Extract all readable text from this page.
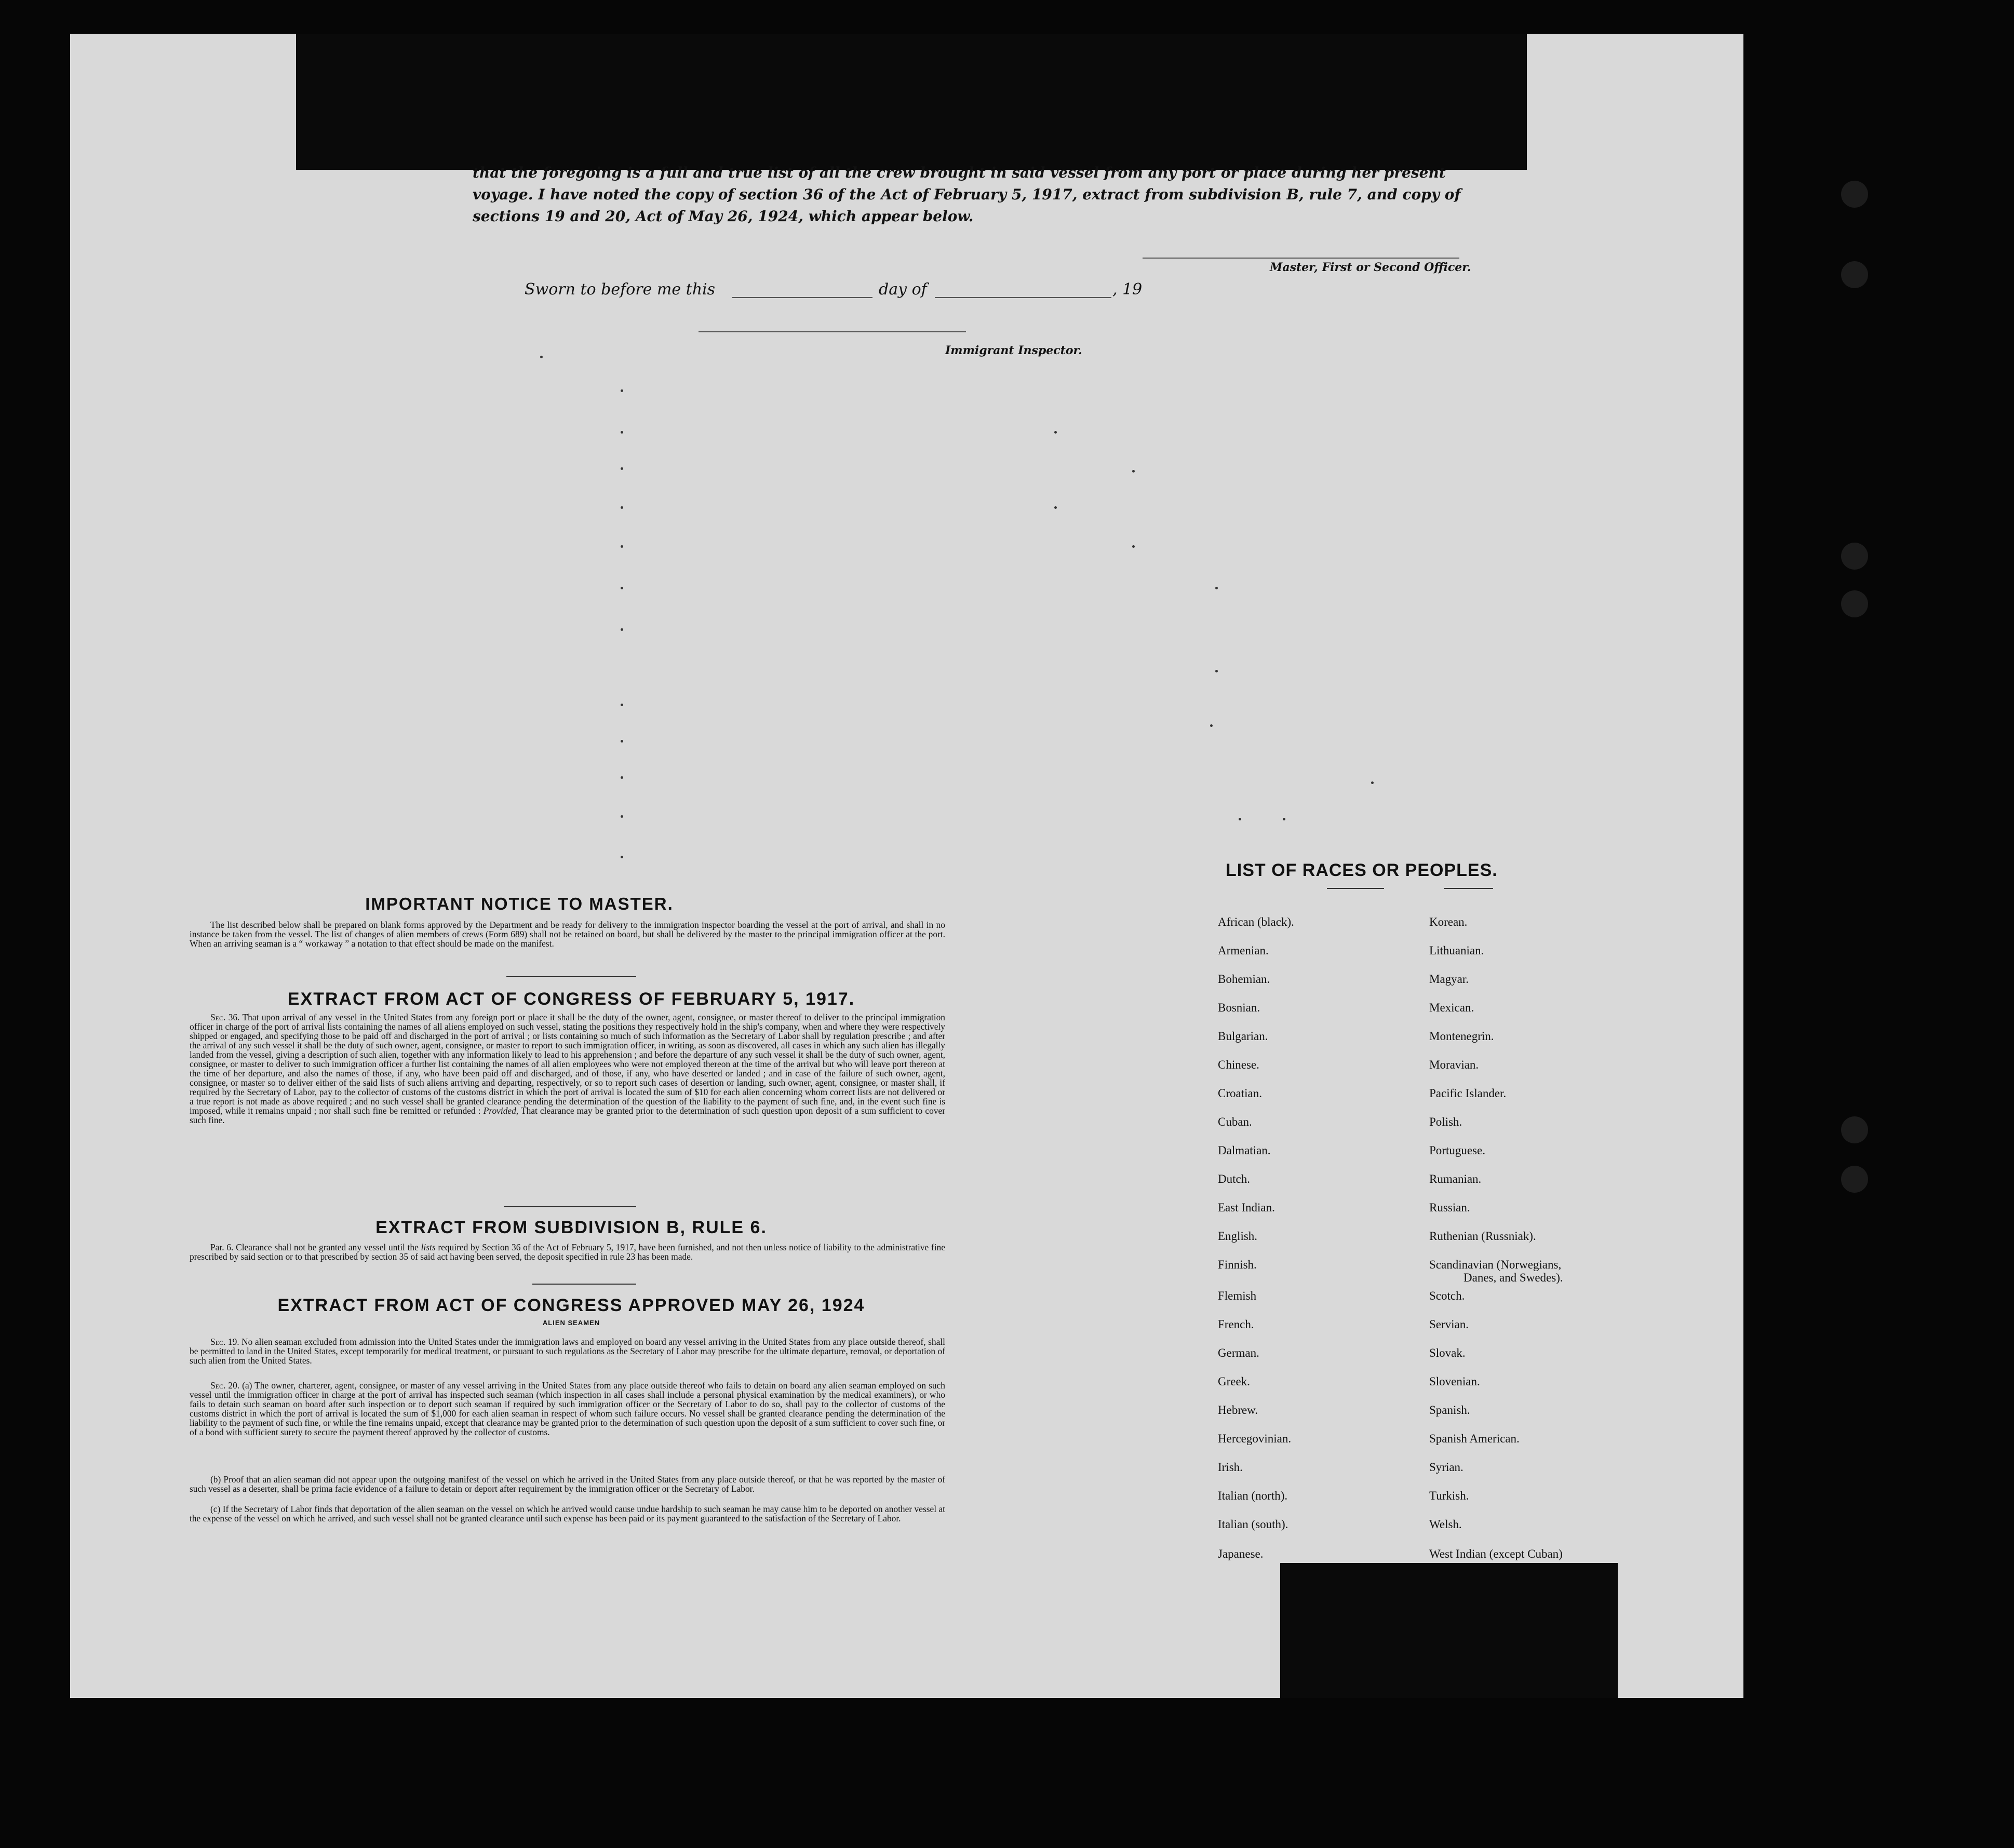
that the foregoing is a full and true list of all the crew brought in said vessel from any port or place during her present voyage. I have noted the copy of section 36 of the Act of February 5, 1917, extract from subdivision B, rule 7, and copy of sections 19 and 20, Act of May 26, 1924, which appear below.
Master, First or Second Officer.
Sworn to before me this	day of	, 19
Immigrant Inspector.
IMPORTANT NOTICE TO MASTER.
The list described below shall be prepared on blank forms approved by the Department and be ready for delivery to the immigration inspector boarding the vessel at the port of arrival, and shall in no instance be taken from the vessel. The list of changes of alien members of crews (Form 689) shall not be retained on board, but shall be delivered by the master to the principal immigration officer at the port. When an arriving seaman is a “ workaway ” a notation to that effect should be made on the manifest.
EXTRACT FROM ACT OF CONGRESS OF FEBRUARY 5, 1917.
Sec. 36. That upon arrival of any vessel in the United States from any foreign port or place it shall be the duty of the owner, agent, consignee, or master thereof to deliver to the principal immigration officer in charge of the port of arrival lists containing the names of all aliens employed on such vessel, stating the positions they respectively hold in the ship's company, when and where they were respectively shipped or engaged, and specifying those to be paid off and discharged in the port of arrival ; or lists containing so much of such information as the Secretary of Labor shall by regulation prescribe ; and after the arrival of any such vessel it shall be the duty of such owner, agent, consignee, or master to report to such immigration officer, in writing, as soon as discovered, all cases in which any such alien has illegally landed from the vessel, giving a description of such alien, together with any information likely to lead to his apprehension ; and before the departure of any such vessel it shall be the duty of such owner, agent, consignee, or master to deliver to such immigration officer a further list containing the names of all alien employees who were not employed thereon at the time of the arrival but who will leave port thereon at the time of her departure, and also the names of those, if any, who have been paid off and discharged, and of those, if any, who have deserted or landed ; and in case of the failure of such owner, agent, consignee, or master so to deliver either of the said lists of such aliens arriving and departing, respectively, or so to report such cases of desertion or landing, such owner, agent, consignee, or master shall, if required by the Secretary of Labor, pay to the collector of customs of the customs district in which the port of arrival is located the sum of $10 for each alien concerning whom correct lists are not delivered or a true report is not made as above required ; and no such vessel shall be granted clearance pending the determination of the question of the liability to the payment of such fine, and, in the event such fine is imposed, while it remains unpaid ; nor shall such fine be remitted or refunded : Provided, That clearance may be granted prior to the determination of such question upon deposit of a sum sufficient to cover such fine.
EXTRACT FROM SUBDIVISION B, RULE 6.
Par. 6. Clearance shall not be granted any vessel until the lists required by Section 36 of the Act of February 5, 1917, have been furnished, and not then unless notice of liability to the administrative fine prescribed by said section or to that prescribed by section 35 of said act having been served, the deposit specified in rule 23 has been made.
EXTRACT FROM ACT OF CONGRESS APPROVED MAY 26, 1924
ALIEN SEAMEN
Sec. 19. No alien seaman excluded from admission into the United States under the immigration laws and employed on board any vessel arriving in the United States from any place outside thereof, shall be permitted to land in the United States, except temporarily for medical treatment, or pursuant to such regulations as the Secretary of Labor may prescribe for the ultimate departure, removal, or deportation of such alien from the United States.
Sec. 20. (a) The owner, charterer, agent, consignee, or master of any vessel arriving in the United States from any place outside thereof who fails to detain on board any alien seaman employed on such vessel until the immigration officer in charge at the port of arrival has inspected such seaman (which inspection in all cases shall include a personal physical examination by the medical examiners), or who fails to detain such seaman on board after such inspection or to deport such seaman if required by such immigration officer or the Secretary of Labor to do so, shall pay to the collector of customs of the customs district in which the port of arrival is located the sum of $1,000 for each alien seaman in respect of whom such failure occurs. No vessel shall be granted clearance pending the determination of the liability to the payment of such fine, or while the fine remains unpaid, except that clearance may be granted prior to the determination of such question upon the deposit of a sum sufficient to cover such fine, or of a bond with sufficient surety to secure the payment thereof approved by the collector of customs.
(b) Proof that an alien seaman did not appear upon the outgoing manifest of the vessel on which he arrived in the United States from any place outside thereof, or that he was reported by the master of such vessel as a deserter, shall be prima facie evidence of a failure to detain or deport after requirement by the immigration officer or the Secretary of Labor.
(c) If the Secretary of Labor finds that deportation of the alien seaman on the vessel on which he arrived would cause undue hardship to such seaman he may cause him to be deported on another vessel at the expense of the vessel on which he arrived, and such vessel shall not be granted clearance until such expense has been paid or its payment guaranteed to the satisfaction of the Secretary of Labor.
LIST OF RACES OR PEOPLES.
African (black).
Armenian.
Bohemian.
Bosnian.
Bulgarian.
Chinese.
Croatian.
Cuban.
Dalmatian.
Dutch.
East Indian.
English.
Finnish.
Flemish
French.
German.
Greek.
Hebrew.
Hercegovinian.
Irish.
Italian (north).
Italian (south).
Japanese.
Korean.
Lithuanian.
Magyar.
Mexican.
Montenegrin.
Moravian.
Pacific Islander.
Polish.
Portuguese.
Rumanian.
Russian.
Ruthenian (Russniak).
Scandinavian (Norwegians,
Danes, and Swedes).
Scotch.
Servian.
Slovak.
Slovenian.
Spanish.
Spanish American.
Syrian.
Turkish.
Welsh.
West Indian (except Cuban)
